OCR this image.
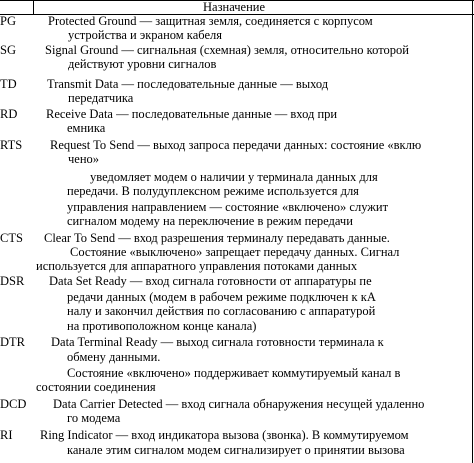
Назначение
PG	Protected Ground — защитная земля, соединяется с корпусом
устройства и экраном кабеля
SG Signal Ground — сигнальная (схемная) земля, относительно которой
действуют уровни сигналов
TD Transmit Data — последовательные данные — выход
передатчика
RD Receive Data — последовательные данные — вход при
емника
RTS Request To Send — выход запроса передачи данных: состояние «вклю
чено»
уведомляет модем о наличии у терминала данных для
передачи. В полудуплексном режиме используется для
управления направлением — состояние «включено» служит
сигналом модему на переключение в режим передачи
CTS Clear To Send — вход разрешения терминалу передавать данные.
Состояние «выключено» запрещает передачу данных. Сигнал
используется для аппаратного управления потоками данных
DSR Data Set Ready — вход сигнала готовности от аппаратуры пе
редачи данных (модем в рабочем режиме подключен к кА
налу и закончил действия по согласованию с аппаратурой
на противоположном конце канала)
DTR Data Terminal Ready — выход сигнала готовности терминала к
обмену данными.
Состояние «включено» поддерживает коммутируемый канал в
состоянии соединения
DCD Data Carrier Detected — вход сигнала обнаружения несущей удаленно
го модема
RI Ring Indicator — вход индикатора вызова (звонка). В коммутируемом
канале этим сигналом модем сигнализирует о принятии вызова
